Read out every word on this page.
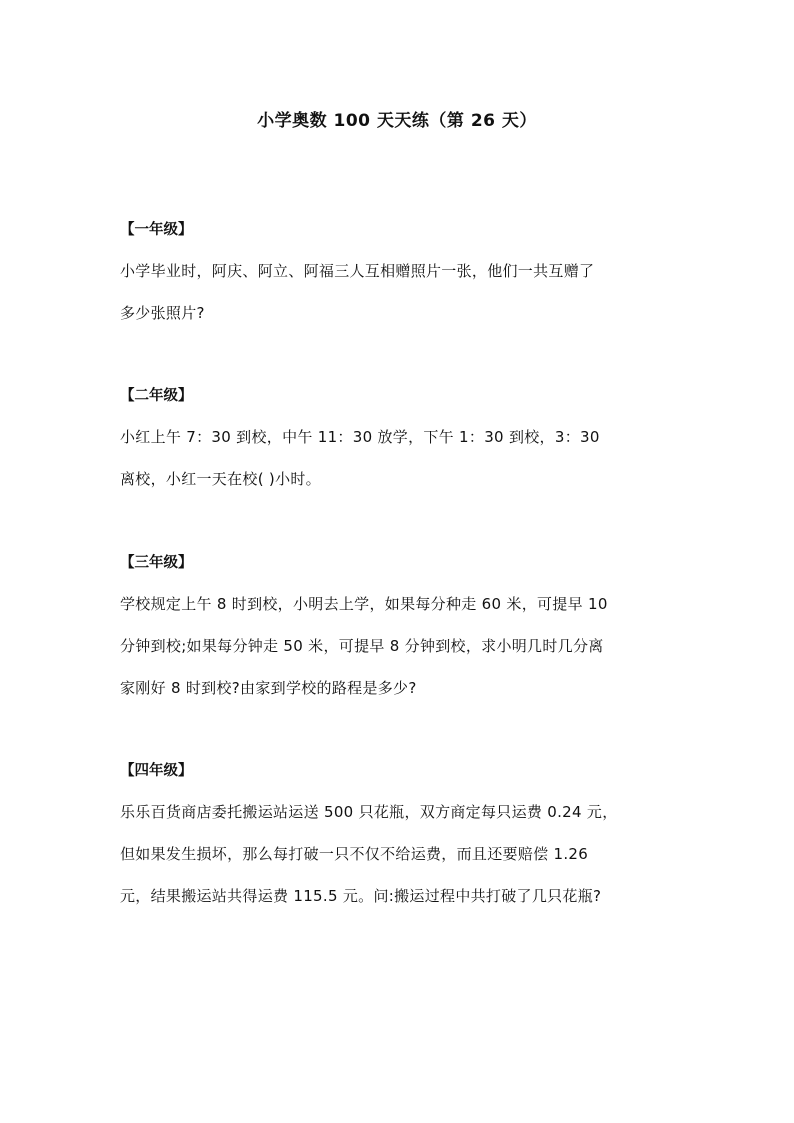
小学奥数 100 天天练（第 26 天）
【一年级】
小学毕业时，阿庆、阿立、阿福三人互相赠照片一张，他们一共互赠了
多少张照片?
【二年级】
小红上午 7：30 到校，中午 11：30 放学，下午 1：30 到校，3：30
离校，小红一天在校( )小时。
【三年级】
学校规定上午 8 时到校，小明去上学，如果每分种走 60 米，可提早 10
分钟到校;如果每分钟走 50 米，可提早 8 分钟到校，求小明几时几分离
家刚好 8 时到校?由家到学校的路程是多少?
【四年级】
乐乐百货商店委托搬运站运送 500 只花瓶，双方商定每只运费 0.24 元，
但如果发生损坏，那么每打破一只不仅不给运费，而且还要赔偿 1.26
元，结果搬运站共得运费 115.5 元。问:搬运过程中共打破了几只花瓶?
